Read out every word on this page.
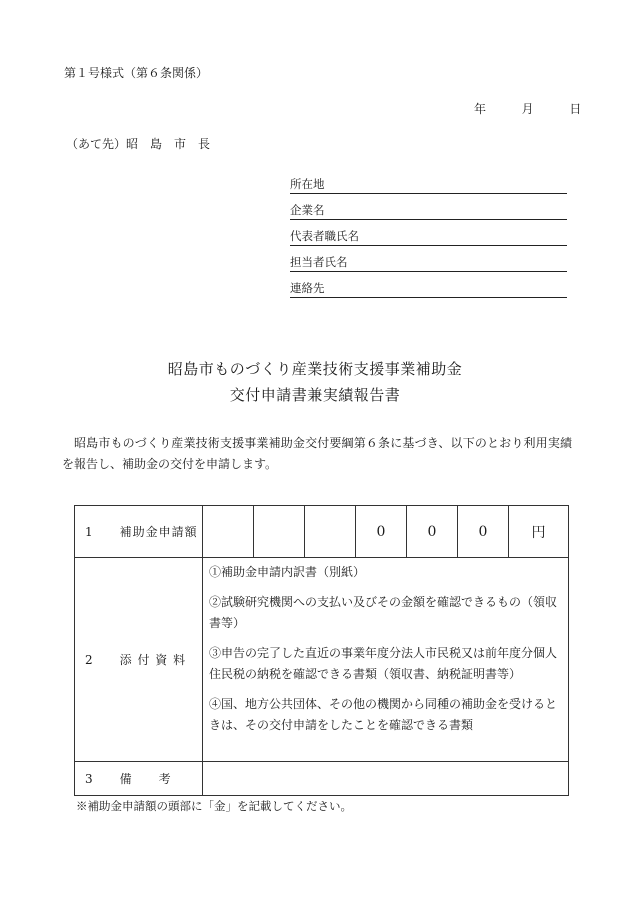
第１号様式（第６条関係）
年	月	日
（あて先）昭　島　市　長
所在地
企業名
代表者職氏名
担当者氏名
連絡先
昭島市ものづくり産業技術支援事業補助金
交付申請書兼実績報告書
昭島市ものづくり産業技術支援事業補助金交付要綱第６条に基づき、以下のとおり利用実績を報告し、補助金の交付を申請します。
1　　補助金申請額				0	0	0	円
2　　添 付 資 料	①補助金申請内訳書（別紙）
②試験研究機関への支払い及びその金額を確認できるもの（領収書等）
③申告の完了した直近の事業年度分法人市民税又は前年度分個人住民税の納税を確認できる書類（領収書、納税証明書等）
④国、地方公共団体、その他の機関から同種の補助金を受けるときは、その交付申請をしたことを確認できる書類						

3　　備　　考							
※補助金申請額の頭部に「金」を記載してください。
